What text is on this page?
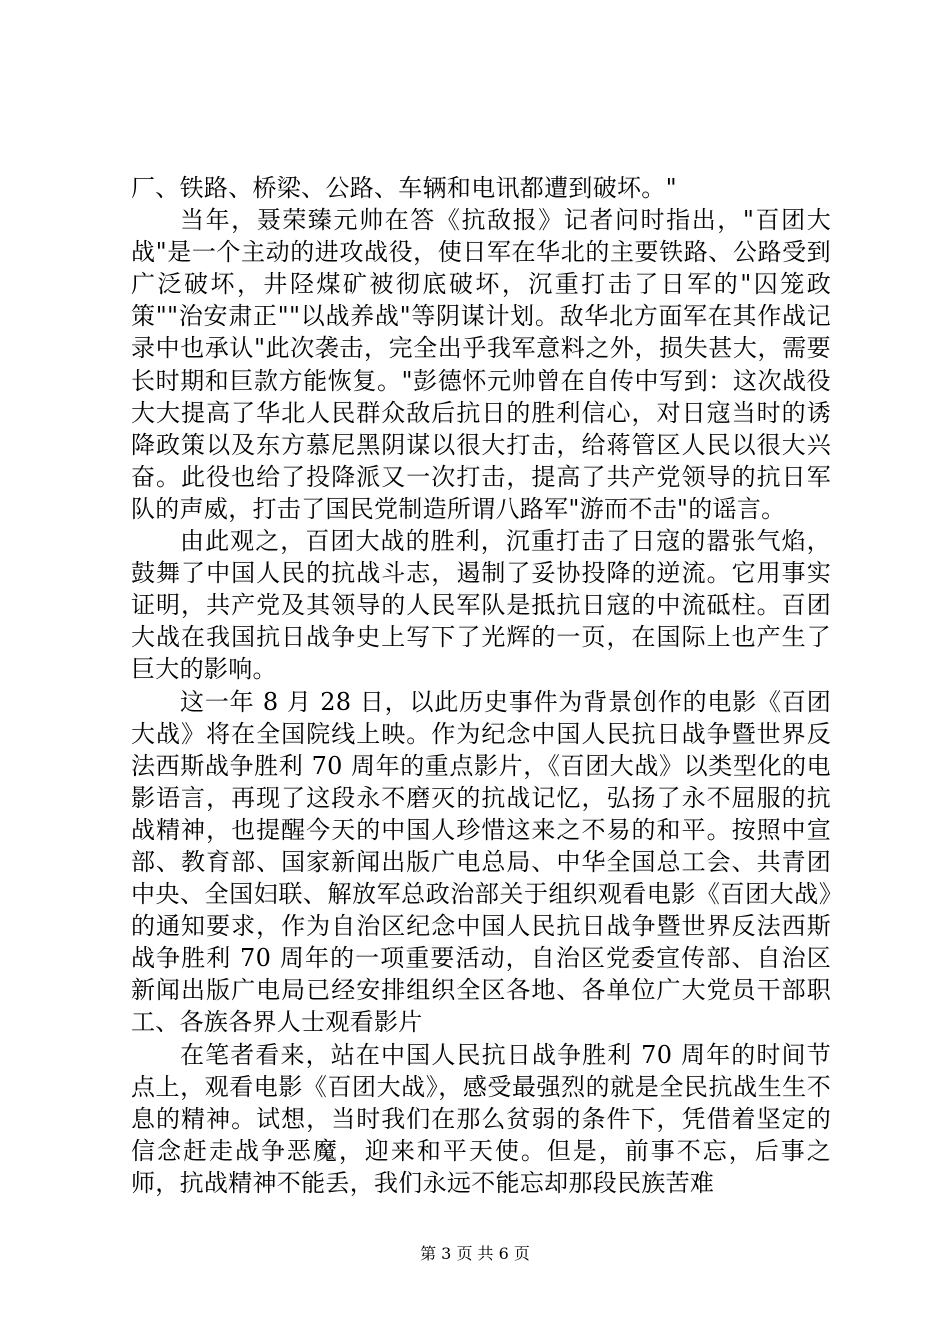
厂、铁路、桥梁、公路、车辆和电讯都遭到破坏。"

当年，聂荣臻元帅在答《抗敌报》记者问时指出，"百团大战"是一个主动的进攻战役，使日军在华北的主要铁路、公路受到广泛破坏，井陉煤矿被彻底破坏，沉重打击了日军的"囚笼政策""治安肃正""以战养战"等阴谋计划。敌华北方面军在其作战记录中也承认"此次袭击，完全出乎我军意料之外，损失甚大，需要长时期和巨款方能恢复。"彭德怀元帅曾在自传中写到：这次战役大大提高了华北人民群众敌后抗日的胜利信心，对日寇当时的诱降政策以及东方慕尼黑阴谋以很大打击，给蒋管区人民以很大兴奋。此役也给了投降派又一次打击，提高了共产党领导的抗日军队的声威，打击了国民党制造所谓八路军"游而不击"的谣言。

由此观之，百团大战的胜利，沉重打击了日寇的嚣张气焰，鼓舞了中国人民的抗战斗志，遏制了妥协投降的逆流。它用事实证明，共产党及其领导的人民军队是抵抗日寇的中流砥柱。百团大战在我国抗日战争史上写下了光辉的一页，在国际上也产生了巨大的影响。

这一年 8 月 28 日，以此历史事件为背景创作的电影《百团大战》将在全国院线上映。作为纪念中国人民抗日战争暨世界反法西斯战争胜利 70 周年的重点影片，《百团大战》以类型化的电影语言，再现了这段永不磨灭的抗战记忆，弘扬了永不屈服的抗战精神，也提醒今天的中国人珍惜这来之不易的和平。按照中宣部、教育部、国家新闻出版广电总局、中华全国总工会、共青团中央、全国妇联、解放军总政治部关于组织观看电影《百团大战》的通知要求，作为自治区纪念中国人民抗日战争暨世界反法西斯战争胜利 70 周年的一项重要活动，自治区党委宣传部、自治区新闻出版广电局已经安排组织全区各地、各单位广大党员干部职工、各族各界人士观看影片

在笔者看来，站在中国人民抗日战争胜利 70 周年的时间节点上，观看电影《百团大战》，感受最强烈的就是全民抗战生生不息的精神。试想，当时我们在那么贫弱的条件下，凭借着坚定的信念赶走战争恶魔，迎来和平天使。但是，前事不忘，后事之师，抗战精神不能丢，我们永远不能忘却那段民族苦难

第 3 页 共 6 页
